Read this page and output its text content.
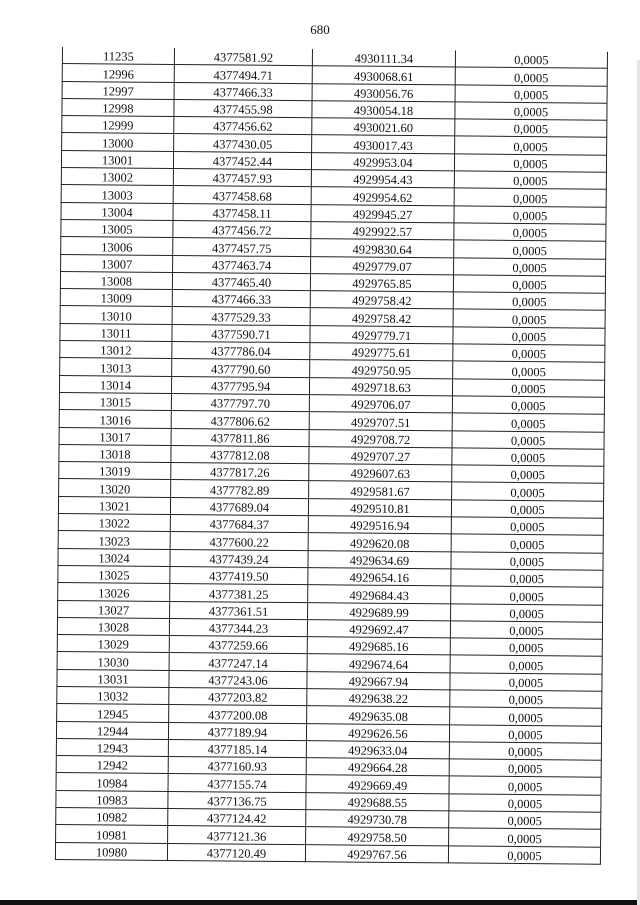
680
11235	4377581.92	4930111.34	0,0005
12996	4377494.71	4930068.61	0,0005
12997	4377466.33	4930056.76	0,0005
12998	4377455.98	4930054.18	0,0005
12999	4377456.62	4930021.60	0,0005
13000	4377430.05	4930017.43	0,0005
13001	4377452.44	4929953.04	0,0005
13002	4377457.93	4929954.43	0,0005
13003	4377458.68	4929954.62	0,0005
13004	4377458.11	4929945.27	0,0005
13005	4377456.72	4929922.57	0,0005
13006	4377457.75	4929830.64	0,0005
13007	4377463.74	4929779.07	0,0005
13008	4377465.40	4929765.85	0,0005
13009	4377466.33	4929758.42	0,0005
13010	4377529.33	4929758.42	0,0005
13011	4377590.71	4929779.71	0,0005
13012	4377786.04	4929775.61	0,0005
13013	4377790.60	4929750.95	0,0005
13014	4377795.94	4929718.63	0,0005
13015	4377797.70	4929706.07	0,0005
13016	4377806.62	4929707.51	0,0005
13017	4377811.86	4929708.72	0,0005
13018	4377812.08	4929707.27	0,0005
13019	4377817.26	4929607.63	0,0005
13020	4377782.89	4929581.67	0,0005
13021	4377689.04	4929510.81	0,0005
13022	4377684.37	4929516.94	0,0005
13023	4377600.22	4929620.08	0,0005
13024	4377439.24	4929634.69	0,0005
13025	4377419.50	4929654.16	0,0005
13026	4377381.25	4929684.43	0,0005
13027	4377361.51	4929689.99	0,0005
13028	4377344.23	4929692.47	0,0005
13029	4377259.66	4929685.16	0,0005
13030	4377247.14	4929674.64	0,0005
13031	4377243.06	4929667.94	0,0005
13032	4377203.82	4929638.22	0,0005
12945	4377200.08	4929635.08	0,0005
12944	4377189.94	4929626.56	0,0005
12943	4377185.14	4929633.04	0,0005
12942	4377160.93	4929664.28	0,0005
10984	4377155.74	4929669.49	0,0005
10983	4377136.75	4929688.55	0,0005
10982	4377124.42	4929730.78	0,0005
10981	4377121.36	4929758.50	0,0005
10980	4377120.49	4929767.56	0,0005
